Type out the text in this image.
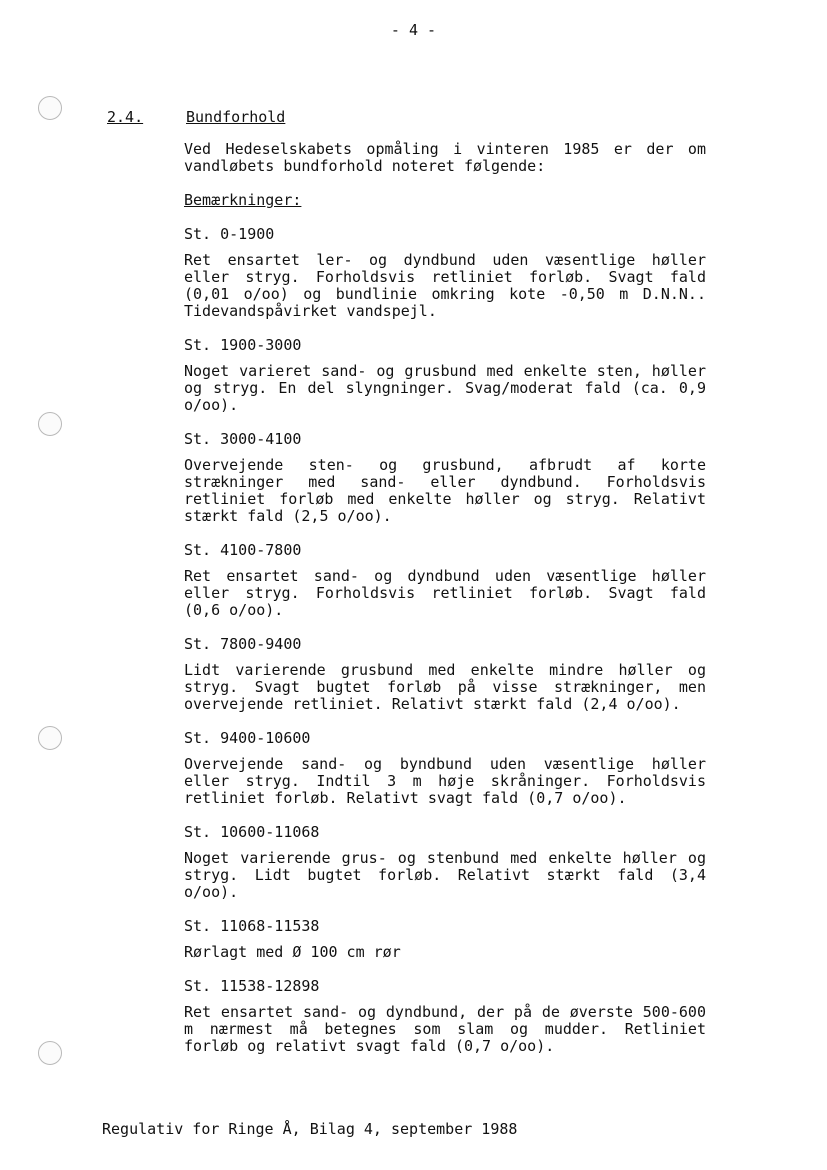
- 4 -
2.4.	Bundforhold

Ved Hedeselskabets opmåling i vinteren 1985 er der om vandløbets bundforhold noteret følgende:

Bemærkninger:

St. 0-1900

Ret ensartet ler- og dyndbund uden væsentlige høller eller stryg. Forholdsvis retliniet forløb. Svagt fald (0,01 o/oo) og bundlinie omkring kote -0,50 m D.N.N.. Tidevandspåvirket vandspejl.

St. 1900-3000

Noget varieret sand- og grusbund med enkelte sten, høller og stryg. En del slyngninger. Svag/moderat fald (ca. 0,9 o/oo).

St. 3000-4100

Overvejende sten- og grusbund, afbrudt af korte strækninger med sand- eller dyndbund. Forholdsvis retliniet forløb med enkelte høller og stryg. Relativt stærkt fald (2,5 o/oo).

St. 4100-7800

Ret ensartet sand- og dyndbund uden væsentlige høller eller stryg. Forholdsvis retliniet forløb. Svagt fald (0,6 o/oo).

St. 7800-9400

Lidt varierende grusbund med enkelte mindre høller og stryg. Svagt bugtet forløb på visse strækninger, men overvejende retliniet. Relativt stærkt fald (2,4 o/oo).

St. 9400-10600

Overvejende sand- og byndbund uden væsentlige høller eller stryg. Indtil 3 m høje skråninger. Forholdsvis retliniet forløb. Relativt svagt fald (0,7 o/oo).

St. 10600-11068

Noget varierende grus- og stenbund med enkelte høller og stryg. Lidt bugtet forløb. Relativt stærkt fald (3,4 o/oo).

St. 11068-11538

Rørlagt med Ø 100 cm rør

St. 11538-12898

Ret ensartet sand- og dyndbund, der på de øverste 500-600 m nærmest må betegnes som slam og mudder. Retliniet forløb og relativt svagt fald (0,7 o/oo).

Regulativ for Ringe Å, Bilag 4, september 1988
